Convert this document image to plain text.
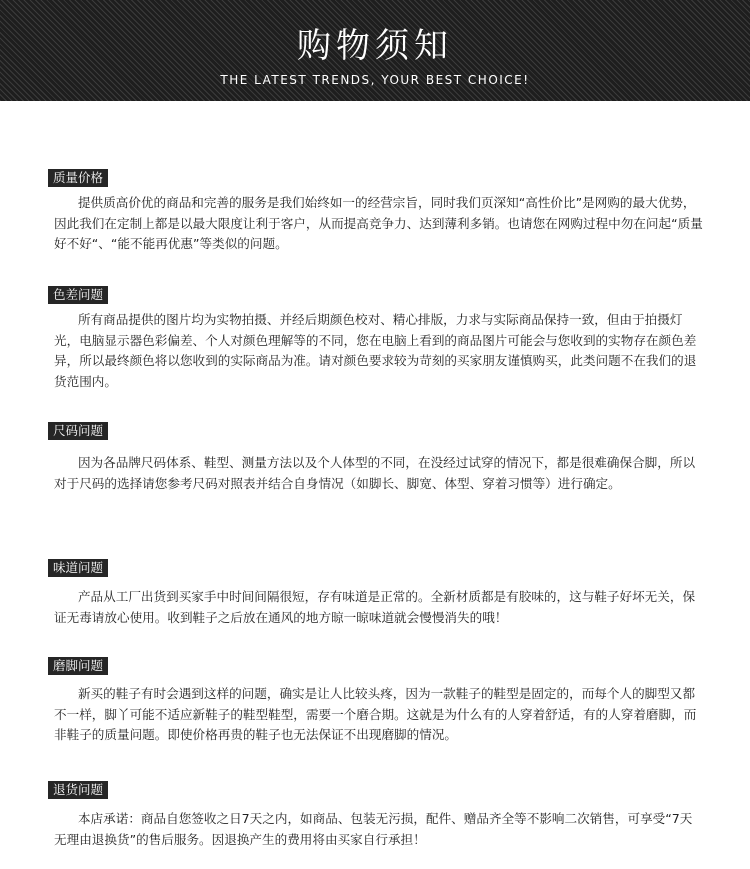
购物须知
THE LATEST TRENDS, YOUR BEST CHOICE!
质量价格

提供质高价优的商品和完善的服务是我们始终如一的经营宗旨，同时我们页深知“高性价比”是网购的最大优势，因此我们在定制上都是以最大限度让利于客户，从而提高竞争力、达到薄利多销。也请您在网购过程中勿在问起“质量好不好“、“能不能再优惠”等类似的问题。

色差问题

所有商品提供的图片均为实物拍摄、并经后期颜色校对、精心排版，力求与实际商品保持一致，但由于拍摄灯光，电脑显示器色彩偏差、个人对颜色理解等的不同，您在电脑上看到的商品图片可能会与您收到的实物存在颜色差异，所以最终颜色将以您收到的实际商品为准。请对颜色要求较为苛刻的买家朋友谨慎购买，此类问题不在我们的退货范围内。

尺码问题

因为各品牌尺码体系、鞋型、测量方法以及个人体型的不同，在没经过试穿的情况下，都是很难确保合脚，所以对于尺码的选择请您参考尺码对照表并结合自身情况（如脚长、脚宽、体型、穿着习惯等）进行确定。

味道问题

产品从工厂出货到买家手中时间间隔很短，存有味道是正常的。全新材质都是有胶味的，这与鞋子好坏无关，保证无毒请放心使用。收到鞋子之后放在通风的地方晾一晾味道就会慢慢消失的哦！

磨脚问题

新买的鞋子有时会遇到这样的问题，确实是让人比较头疼，因为一款鞋子的鞋型是固定的，而每个人的脚型又都不一样，脚丫可能不适应新鞋子的鞋型鞋型，需要一个磨合期。这就是为什么有的人穿着舒适，有的人穿着磨脚，而非鞋子的质量问题。即使价格再贵的鞋子也无法保证不出现磨脚的情况。

退货问题

本店承诺：商品自您签收之日7天之内，如商品、包装无污损，配件、赠品齐全等不影响二次销售，可享受“7天无理由退换货”的售后服务。因退换产生的费用将由买家自行承担！
